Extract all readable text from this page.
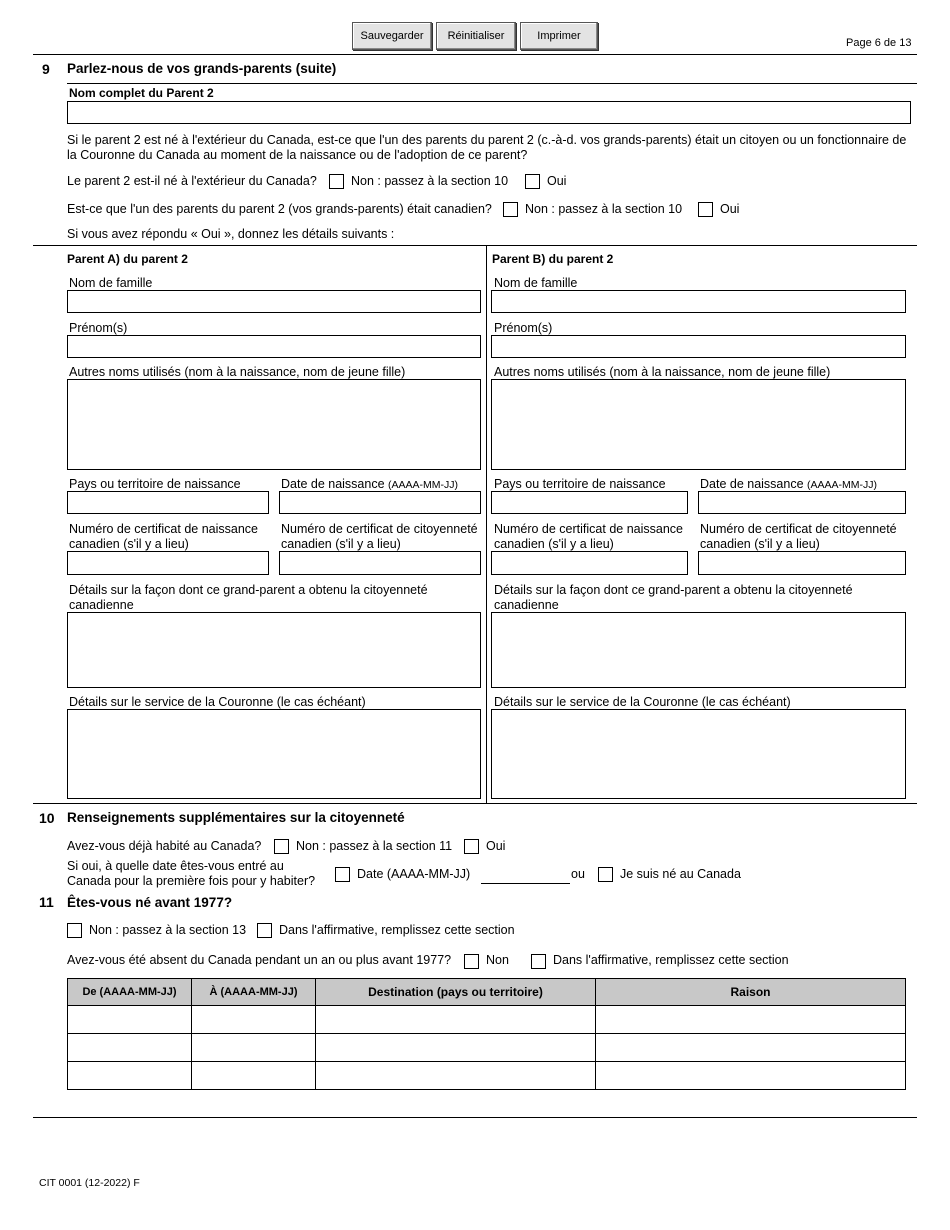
Sauvegarder	Réinitialiser	Imprimer
Page 6 de 13
9 Parlez-nous de vos grands-parents (suite)
Nom complet du Parent 2
Si le parent 2 est né à l'extérieur du Canada, est-ce que l'un des parents du parent 2 (c.-à-d. vos grands-parents) était un citoyen ou un fonctionnaire de la Couronne du Canada au moment de la naissance ou de l'adoption de ce parent?
Le parent 2 est-il né à l'extérieur du Canada?	Non : passez à la section 10	Oui
Est-ce que l'un des parents du parent 2 (vos grands-parents) était canadien?	Non : passez à la section 10	Oui
Si vous avez répondu « Oui », donnez les détails suivants :
Parent A) du parent 2
Nom de famille
Prénom(s)
Autres noms utilisés (nom à la naissance, nom de jeune fille)
Pays ou territoire de naissance	Date de naissance (AAAA-MM-JJ)
Numéro de certificat de naissance canadien (s'il y a lieu)
Numéro de certificat de citoyenneté canadien (s'il y a lieu)
Détails sur la façon dont ce grand-parent a obtenu la citoyenneté canadienne
Détails sur le service de la Couronne (le cas échéant)
Parent B) du parent 2
Nom de famille
Prénom(s)
Autres noms utilisés (nom à la naissance, nom de jeune fille)
Pays ou territoire de naissance	Date de naissance (AAAA-MM-JJ)
Numéro de certificat de naissance canadien (s'il y a lieu)
Numéro de certificat de citoyenneté canadien (s'il y a lieu)
Détails sur la façon dont ce grand-parent a obtenu la citoyenneté canadienne
Détails sur le service de la Couronne (le cas échéant)
10 Renseignements supplémentaires sur la citoyenneté
Avez-vous déjà habité au Canada?	Non : passez à la section 11	Oui
Si oui, à quelle date êtes-vous entré au Canada pour la première fois pour y habiter?	Date (AAAA-MM-JJ)	ou	Je suis né au Canada
11 Êtes-vous né avant 1977?
Non : passez à la section 13	Dans l'affirmative, remplissez cette section
Avez-vous été absent du Canada pendant un an ou plus avant 1977?	Non	Dans l'affirmative, remplissez cette section
De (AAAA-MM-JJ)	À (AAAA-MM-JJ)	Destination (pays ou territoire)	Raison

CIT 0001 (12-2022) F
